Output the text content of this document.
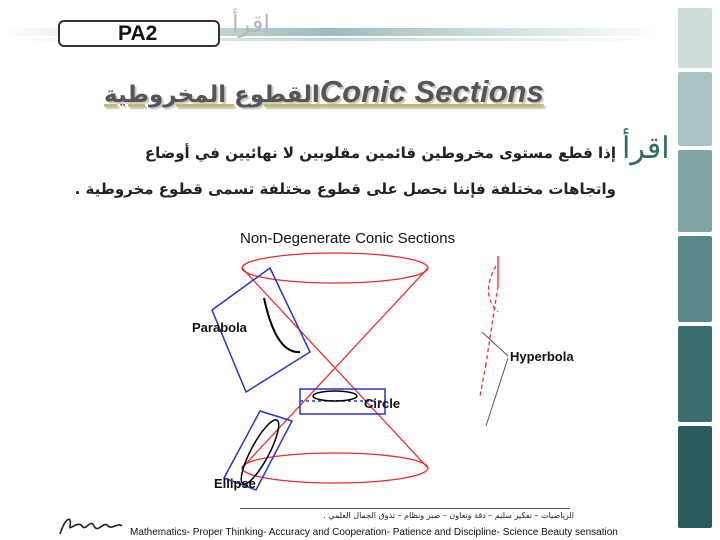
اقرأ
PA2
القطوع المخروطيةConic Sections
إذا قطع مستوى مخروطين قائمين مقلوبين لا نهائيين في أوضاع
واتجاهات مختلفة فإننا نحصل على قطوع مختلفة تسمى قطوع مخروطية .
Non-Degenerate Conic Sections
Parabola
Hyperbola
Circle
Ellipse
اقرأ
الرياضيات – تفكير سليم – دقة وتعاون – صبر ونظام – تذوق الجمال العلمي .
Mathematics- Proper Thinking- Accuracy and Cooperation- Patience and Discipline- Science Beauty sensation
